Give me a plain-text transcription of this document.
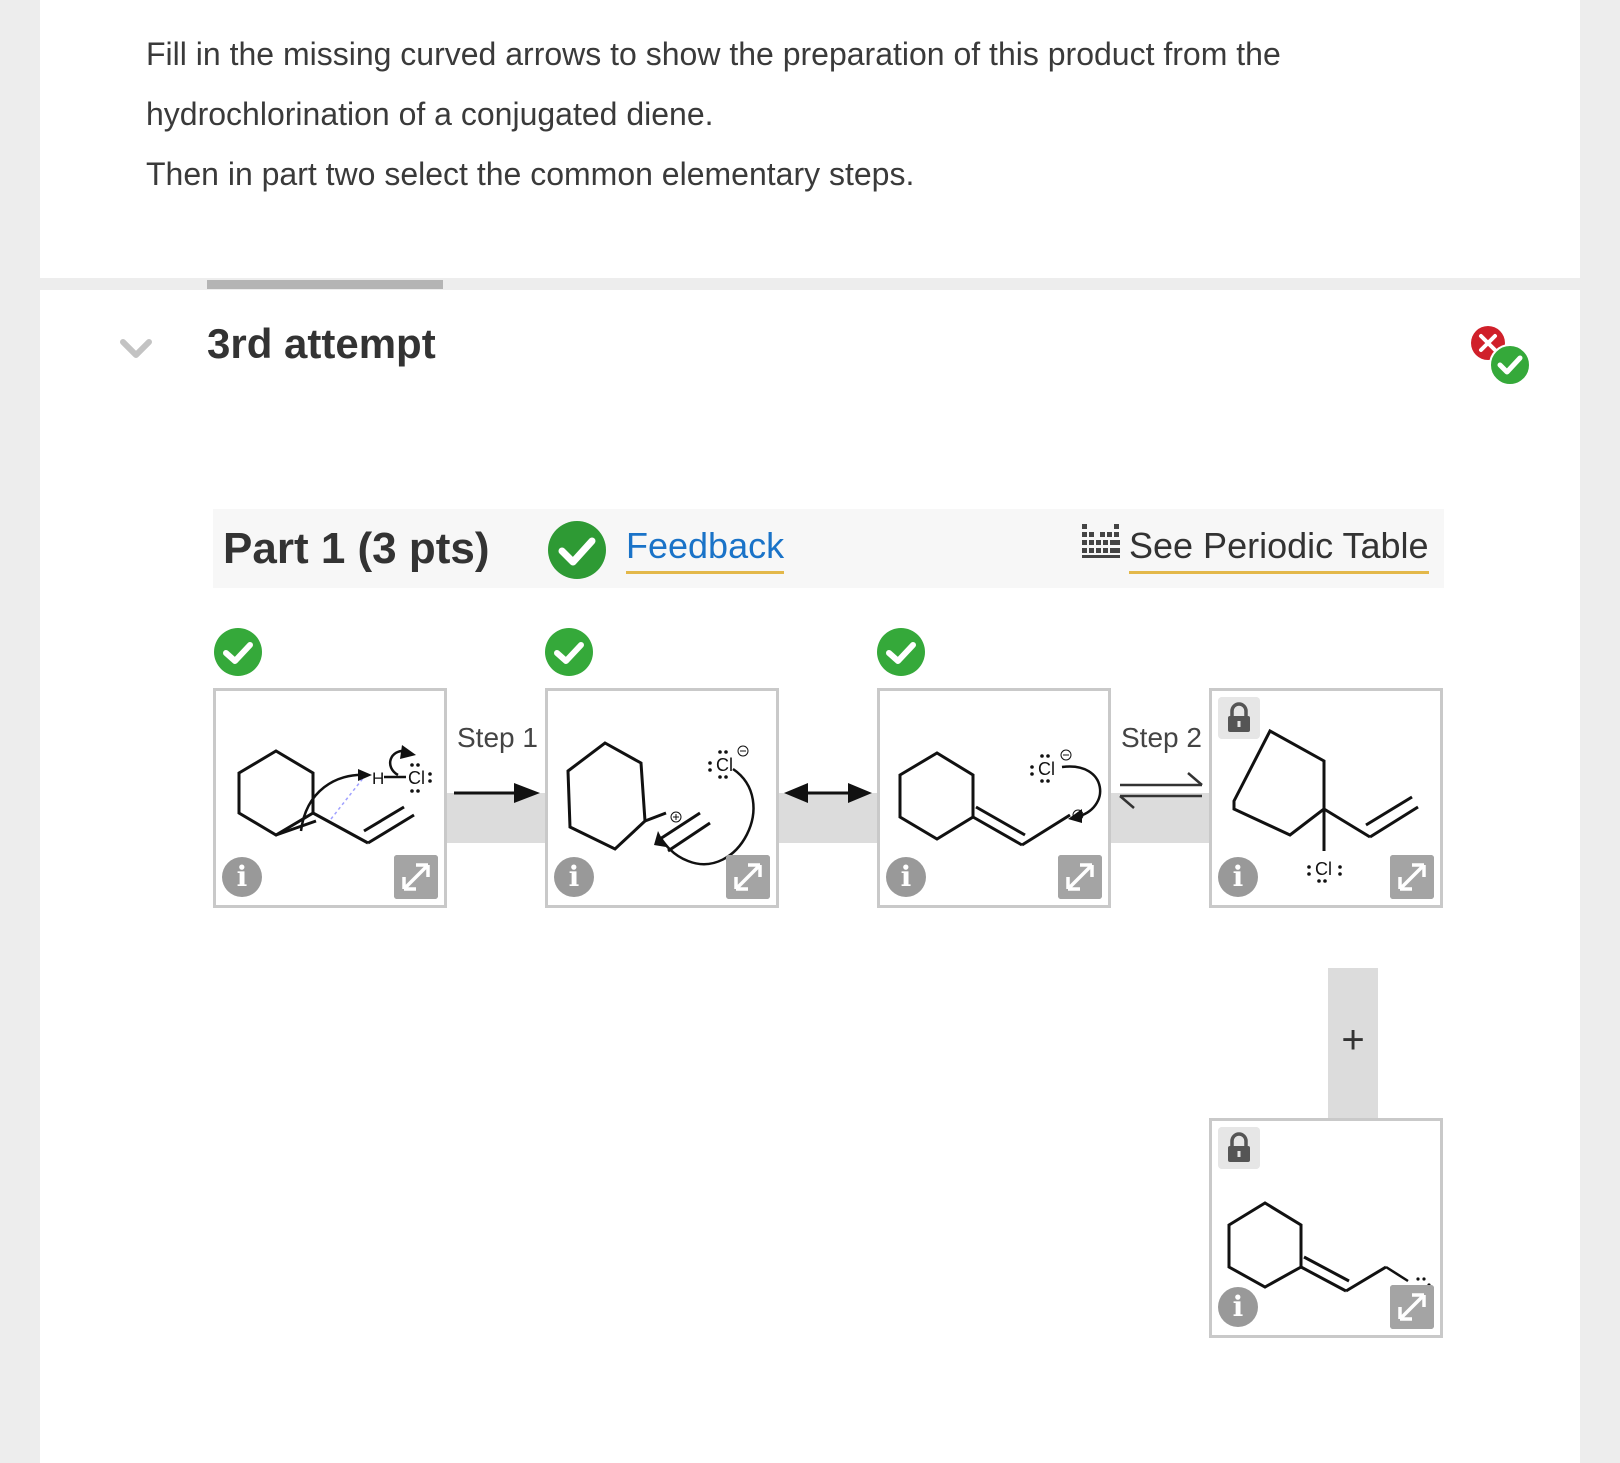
Fill in the missing curved arrows to show the preparation of this product from the

hydrochlorination of a conjugated diene.

Then in part two select the common elementary steps.

3rd attempt
Part 1 (3 pts)	Feedback	See Periodic Table
Step 1	Step 2
H Cl
i
Cl
i
Cl
i	Cl
i
+
i
